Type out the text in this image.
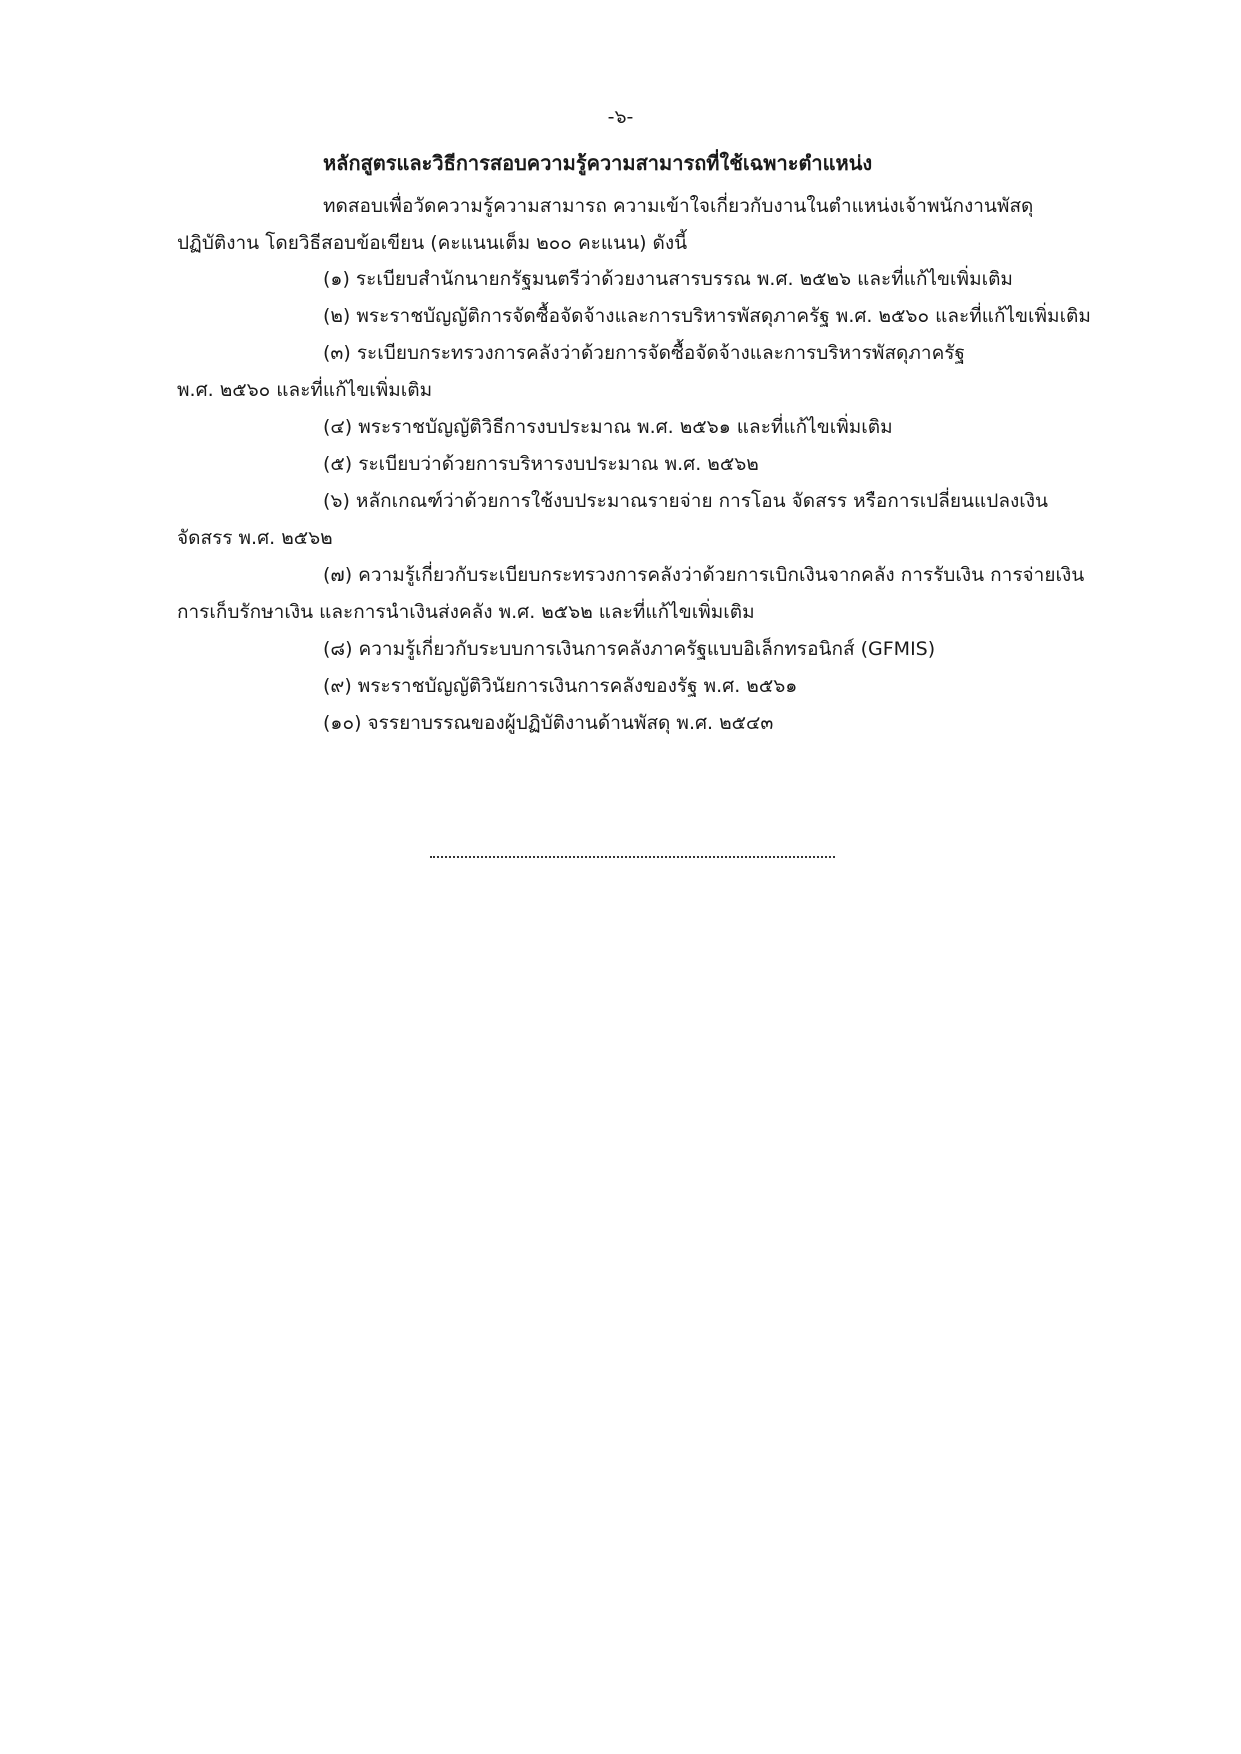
-๖-
หลักสูตรและวิธีการสอบความรู้ความสามารถที่ใช้เฉพาะตำแหน่ง
ทดสอบเพื่อวัดความรู้ความสามารถ ความเข้าใจเกี่ยวกับงานในตำแหน่งเจ้าพนักงานพัสดุ
ปฏิบัติงาน โดยวิธีสอบข้อเขียน (คะแนนเต็ม ๒๐๐ คะแนน) ดังนี้
(๑) ระเบียบสำนักนายกรัฐมนตรีว่าด้วยงานสารบรรณ พ.ศ. ๒๕๒๖ และที่แก้ไขเพิ่มเติม
(๒) พระราชบัญญัติการจัดซื้อจัดจ้างและการบริหารพัสดุภาครัฐ พ.ศ. ๒๕๖๐ และที่แก้ไขเพิ่มเติม
(๓) ระเบียบกระทรวงการคลังว่าด้วยการจัดซื้อจัดจ้างและการบริหารพัสดุภาครัฐ
พ.ศ. ๒๕๖๐ และที่แก้ไขเพิ่มเติม
(๔) พระราชบัญญัติวิธีการงบประมาณ พ.ศ. ๒๕๖๑ และที่แก้ไขเพิ่มเติม
(๕) ระเบียบว่าด้วยการบริหารงบประมาณ พ.ศ. ๒๕๖๒
(๖) หลักเกณฑ์ว่าด้วยการใช้งบประมาณรายจ่าย การโอน จัดสรร หรือการเปลี่ยนแปลงเงิน
จัดสรร พ.ศ. ๒๕๖๒
(๗) ความรู้เกี่ยวกับระเบียบกระทรวงการคลังว่าด้วยการเบิกเงินจากคลัง การรับเงิน การจ่ายเงิน
การเก็บรักษาเงิน และการนำเงินส่งคลัง พ.ศ. ๒๕๖๒ และที่แก้ไขเพิ่มเติม
(๘) ความรู้เกี่ยวกับระบบการเงินการคลังภาครัฐแบบอิเล็กทรอนิกส์ (GFMIS)
(๙) พระราชบัญญัติวินัยการเงินการคลังของรัฐ พ.ศ. ๒๕๖๑
(๑๐) จรรยาบรรณของผู้ปฏิบัติงานด้านพัสดุ พ.ศ. ๒๕๔๓
